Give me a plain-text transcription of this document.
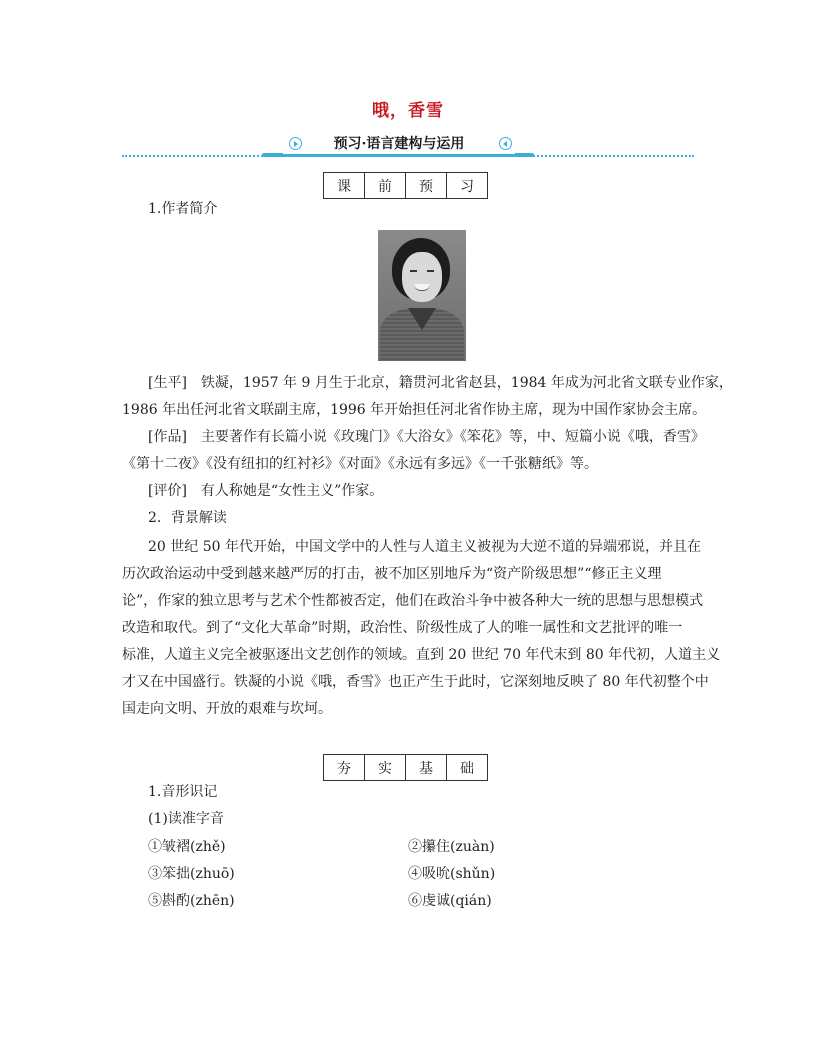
哦，香雪
预习·语言建构与运用
课	前	预	习
1.作者简介
[生平]　铁凝，1957 年 9 月生于北京，籍贯河北省赵县，1984 年成为河北省文联专业作家，
1986 年出任河北省文联副主席，1996 年开始担任河北省作协主席，现为中国作家协会主席。
[作品]　主要著作有长篇小说《玫瑰门》《大浴女》《笨花》等，中、短篇小说《哦，香雪》
《第十二夜》《没有纽扣的红衬衫》《对面》《永远有多远》《一千张糖纸》等。
[评价]　有人称她是“女性主义”作家。
2．背景解读
20 世纪 50 年代开始，中国文学中的人性与人道主义被视为大逆不道的异端邪说，并且在
历次政治运动中受到越来越严厉的打击，被不加区别地斥为“资产阶级思想”“修正主义理
论”，作家的独立思考与艺术个性都被否定，他们在政治斗争中被各种大一统的思想与思想模式
改造和取代。到了“文化大革命”时期，政治性、阶级性成了人的唯一属性和文艺批评的唯一
标准，人道主义完全被驱逐出文艺创作的领域。直到 20 世纪 70 年代末到 80 年代初，人道主义
才又在中国盛行。铁凝的小说《哦，香雪》也正产生于此时，它深刻地反映了 80 年代初整个中
国走向文明、开放的艰难与坎坷。
夯	实	基	础
1.音形识记
(1)读准字音
①皱褶(zhě)	②攥住(zuàn)
③笨拙(zhuō)	④吸吮(shǔn)
⑤斟酌(zhēn)	⑥虔诚(qián)
